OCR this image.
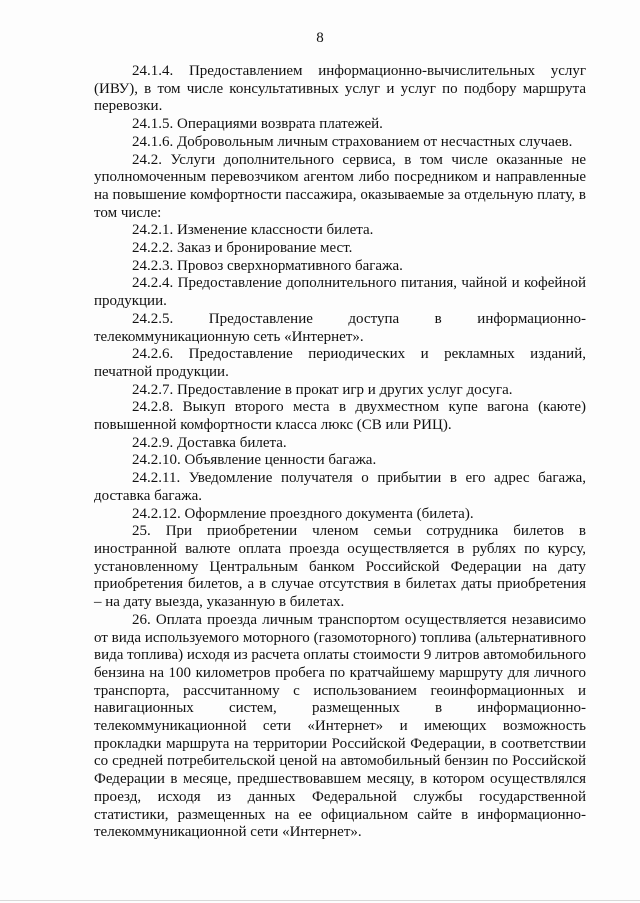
8

24.1.4. Предоставлением информационно-вычислительных услуг (ИВУ), в том числе консультативных услуг и услуг по подбору маршрута перевозки.

24.1.5. Операциями возврата платежей.

24.1.6. Добровольным личным страхованием от несчастных случаев.

24.2. Услуги дополнительного сервиса, в том числе оказанные не уполномоченным перевозчиком агентом либо посредником и направленные на повышение комфортности пассажира, оказываемые за отдельную плату, в том числе:

24.2.1. Изменение классности билета.

24.2.2. Заказ и бронирование мест.

24.2.3. Провоз сверхнормативного багажа.

24.2.4. Предоставление дополнительного питания, чайной и кофейной продукции.

24.2.5. Предоставление доступа в информационно-телекоммуникационную сеть «Интернет».

24.2.6. Предоставление периодических и рекламных изданий, печатной продукции.

24.2.7. Предоставление в прокат игр и других услуг досуга.

24.2.8. Выкуп второго места в двухместном купе вагона (каюте) повышенной комфортности класса люкс (СВ или РИЦ).

24.2.9. Доставка билета.

24.2.10. Объявление ценности багажа.

24.2.11. Уведомление получателя о прибытии в его адрес багажа, доставка багажа.

24.2.12. Оформление проездного документа (билета).

25. При приобретении членом семьи сотрудника билетов в иностранной валюте оплата проезда осуществляется в рублях по курсу, установленному Центральным банком Российской Федерации на дату приобретения билетов, а в случае отсутствия в билетах даты приобретения – на дату выезда, указанную в билетах.

26. Оплата проезда личным транспортом осуществляется независимо от вида используемого моторного (газомоторного) топлива (альтернативного вида топлива) исходя из расчета оплаты стоимости 9 литров автомобильного бензина на 100 километров пробега по кратчайшему маршруту для личного транспорта, рассчитанному с использованием геоинформационных и навигационных систем, размещенных в информационно-телекоммуникационной сети «Интернет» и имеющих возможность прокладки маршрута на территории Российской Федерации, в соответствии со средней потребительской ценой на автомобильный бензин по Российской Федерации в месяце, предшествовавшем месяцу, в котором осуществлялся проезд, исходя из данных Федеральной службы государственной статистики, размещенных на ее официальном сайте в информационно-телекоммуникационной сети «Интернет».
